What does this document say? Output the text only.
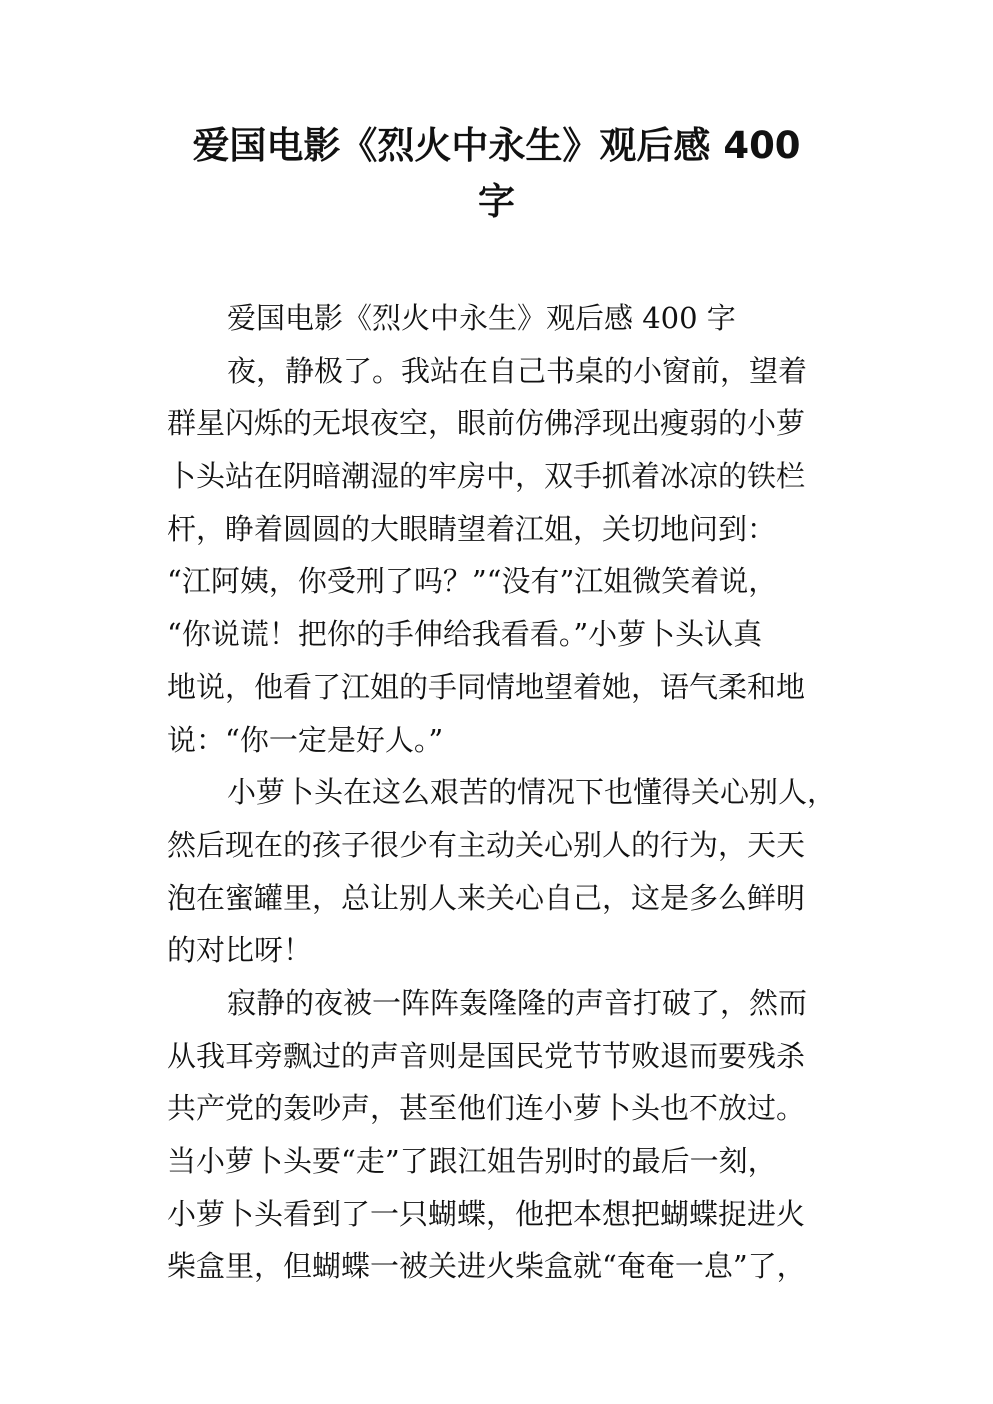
爱国电影《烈火中永生》观后感 400
字
爱国电影《烈火中永生》观后感 400 字
夜，静极了。我站在自己书桌的小窗前，望着
群星闪烁的无垠夜空，眼前仿佛浮现出瘦弱的小萝
卜头站在阴暗潮湿的牢房中，双手抓着冰凉的铁栏
杆，睁着圆圆的大眼睛望着江姐，关切地问到：
“江阿姨，你受刑了吗？”“没有”江姐微笑着说，
“你说谎！把你的手伸给我看看。”小萝卜头认真
地说，他看了江姐的手同情地望着她，语气柔和地
说：“你一定是好人。”
小萝卜头在这么艰苦的情况下也懂得关心别人，
然后现在的孩子很少有主动关心别人的行为，天天
泡在蜜罐里，总让别人来关心自己，这是多么鲜明
的对比呀！
寂静的夜被一阵阵轰隆隆的声音打破了，然而
从我耳旁飘过的声音则是国民党节节败退而要残杀
共产党的轰吵声，甚至他们连小萝卜头也不放过。
当小萝卜头要“走”了跟江姐告别时的最后一刻，
小萝卜头看到了一只蝴蝶，他把本想把蝴蝶捉进火
柴盒里，但蝴蝶一被关进火柴盒就“奄奄一息”了，
